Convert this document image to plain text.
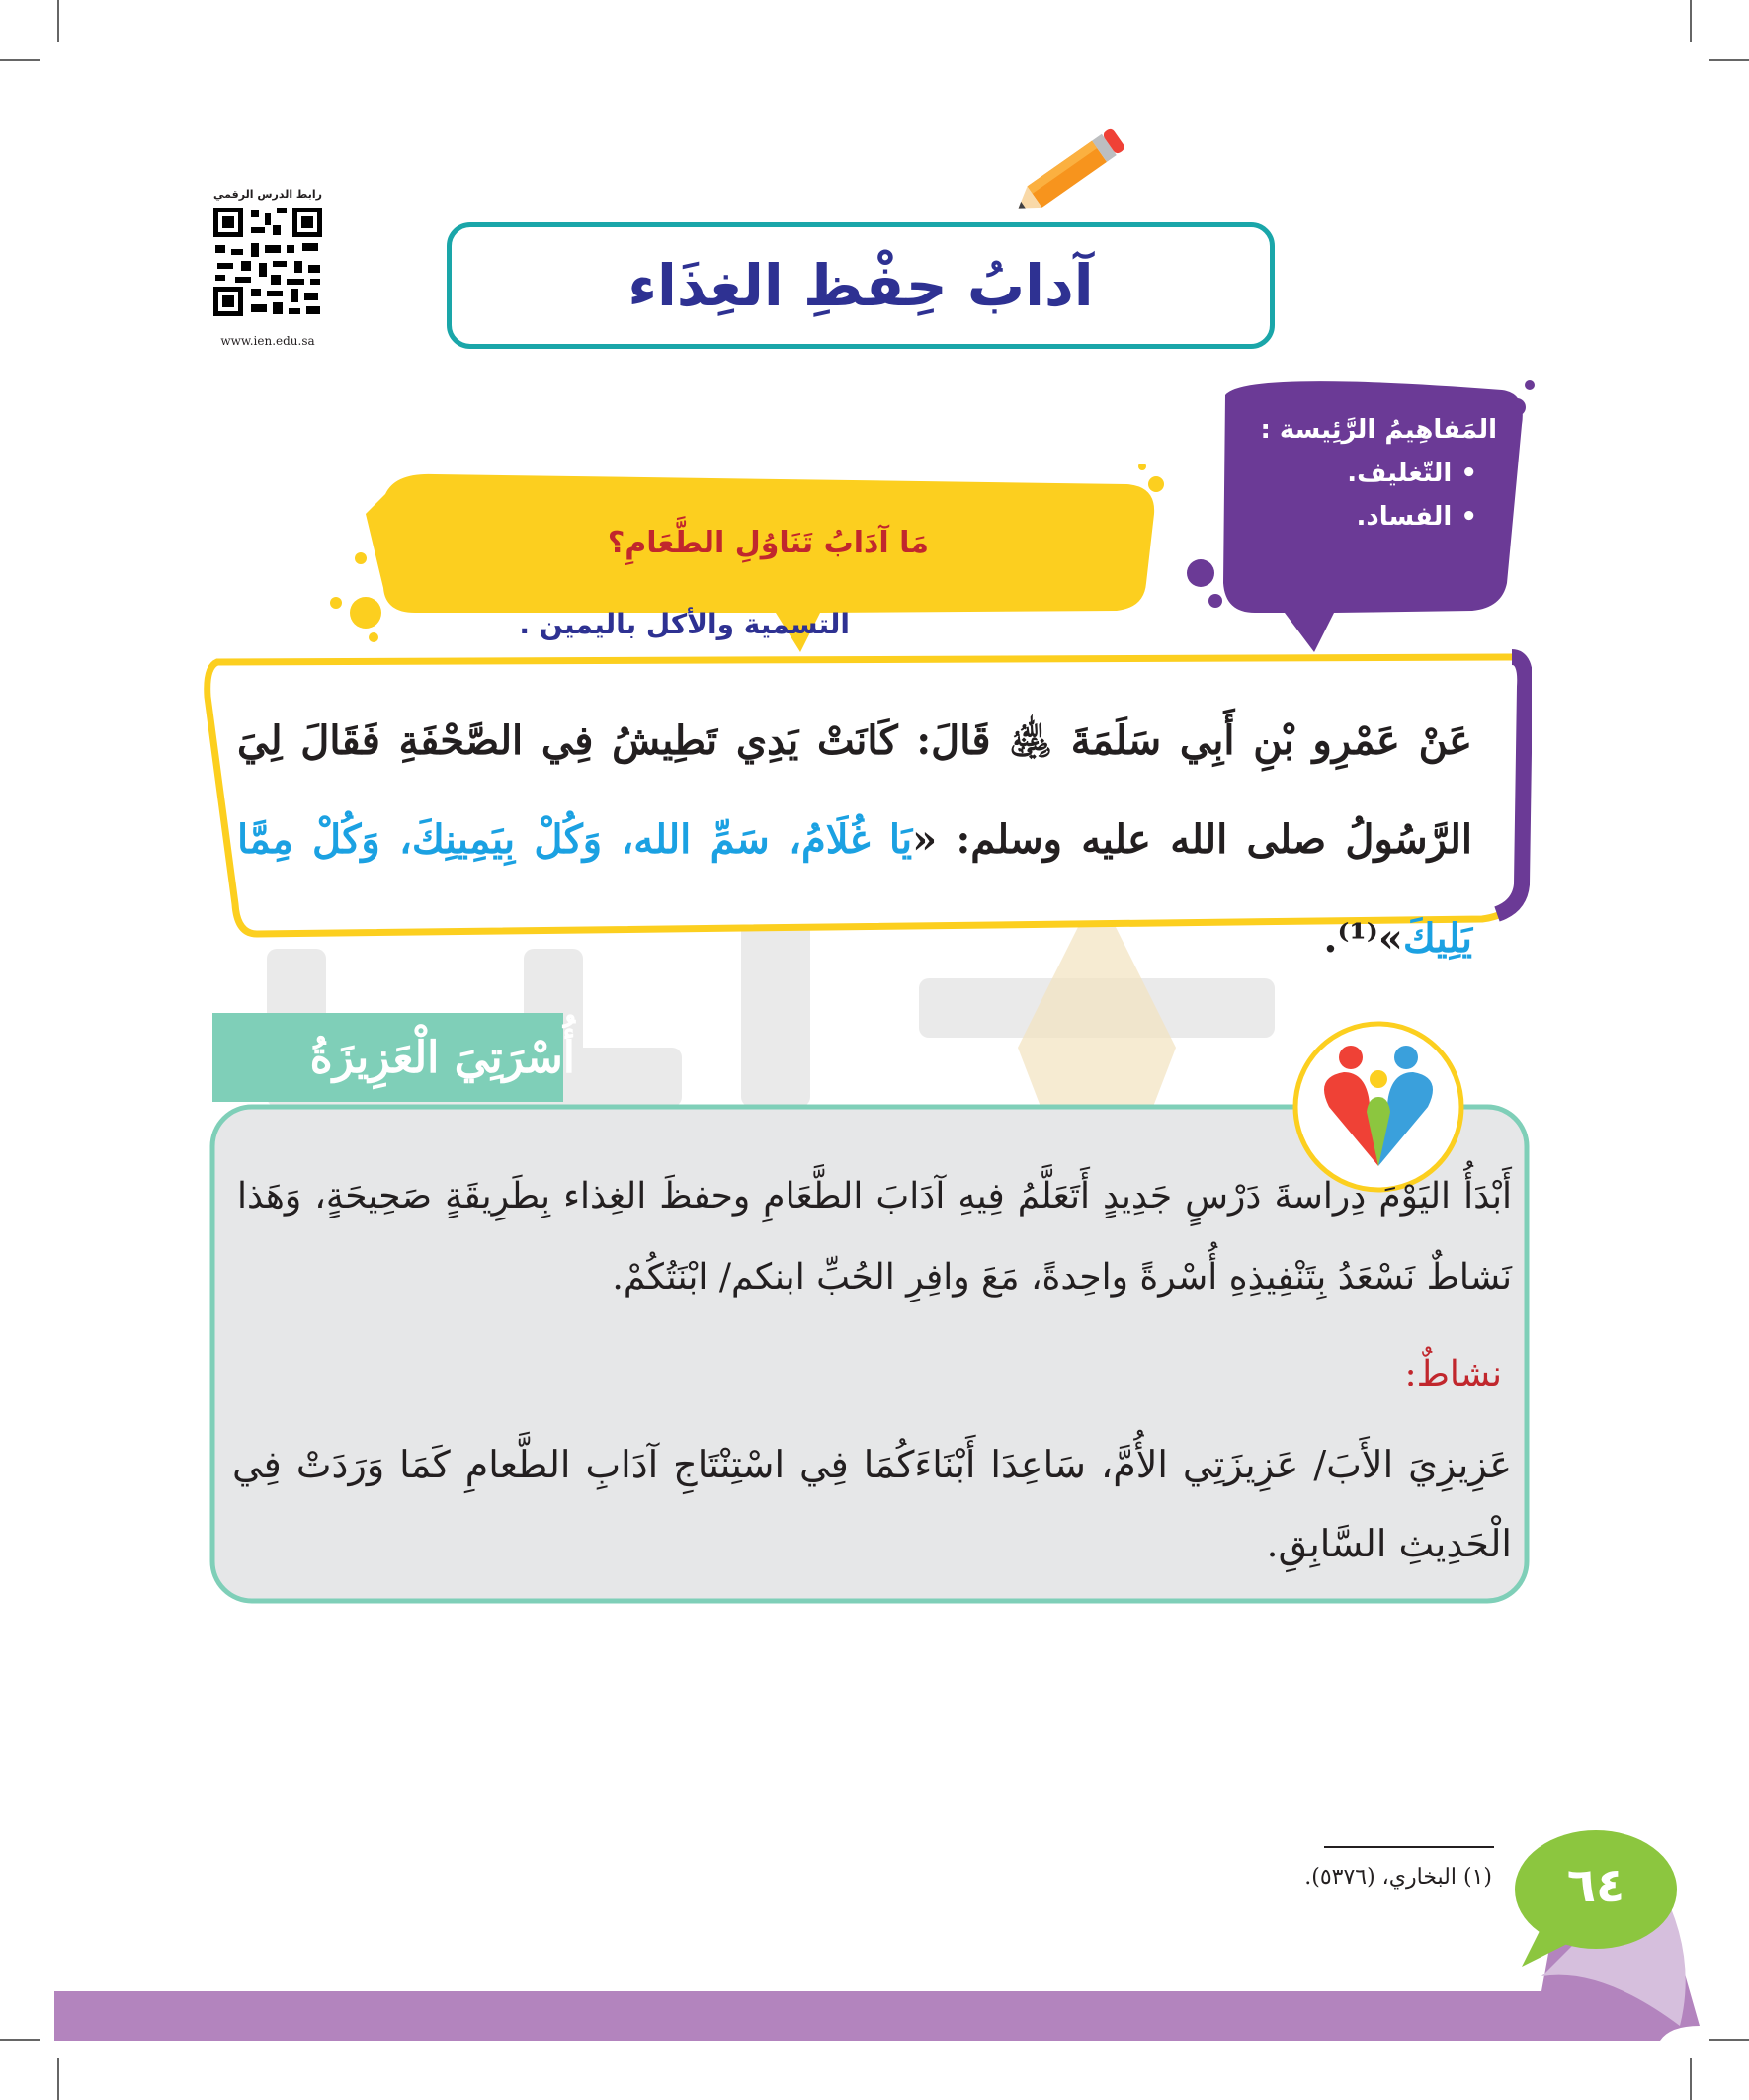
آدابُ حِفْظِ الغِذَاء
رابط الدرس الرقمي
www.ien.edu.sa
المَفاهِيمُ الرَّئِيسة :
• التّغليف.
• الفساد.
مَا آدَابُ تَنَاوُلِ الطَّعَامِ؟
التسمية والأكل باليمين .
عَنْ عَمْرِو بْنِ أَبِي سَلَمَةَ ﵁ قَالَ: كَانَتْ يَدِي تَطِيشُ فِي الصَّحْفَةِ فَقَالَ لِيَ الرَّسُولُ صلى الله عليه وسلم: «يَا غُلَامُ، سَمِّ الله، وَكُلْ بِيَمِينِكَ، وَكُلْ مِمَّا يَلِيكَ»⁽¹⁾.
أُسْرَتِيَ الْعَزِيزَةُ
أَبْدَأُ اليَوْمَ دِراسةَ دَرْسٍ جَدِيدٍ أَتَعَلَّمُ فِيهِ آدَابَ الطَّعَامِ وحفظَ الغِذاء بِطَرِيقَةٍ صَحِيحَةٍ، وَهَذا نَشاطٌ نَسْعَدُ بِتَنْفِيذِهِ أُسْرةً واحِدةً، مَعَ وافِرِ الحُبِّ ابنكم/ ابْنَتُكُمْ.
نشاطٌ:
عَزِيزِيَ الأَبَ/ عَزِيزَتِي الأُمَّ، سَاعِدَا أَبْنَاءَكُمَا فِي اسْتِنْتَاجِ آدَابِ الطَّعامِ كَمَا وَرَدَتْ فِي الْحَدِيثِ السَّابِقِ.
(١) البخاري، (٥٣٧٦).	٦٤
